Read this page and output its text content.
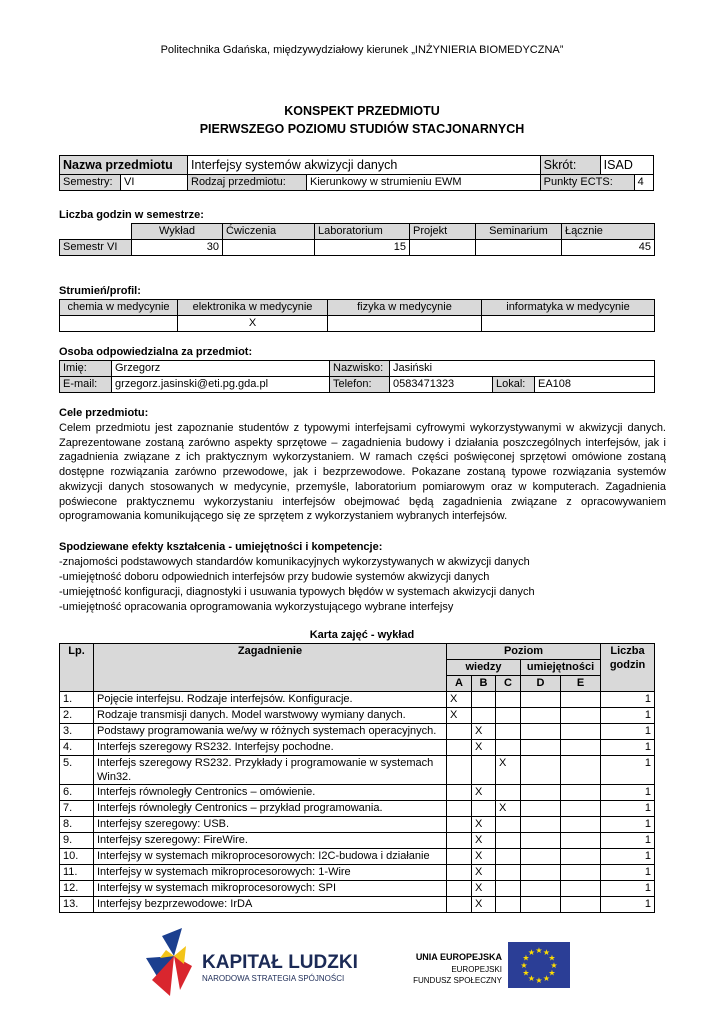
Politechnika Gdańska, międzywydziałowy kierunek „INŻYNIERIA BIOMEDYCZNA”
KONSPEKT PRZEDMIOTU
PIERWSZEGO POZIOMU STUDIÓW STACJONARNYCH
Nazwa przedmiotu		Interfejsy systemów akwizycji danych		Skrót:	ISAD	
Semestry:	VI	Rodzaj przedmiotu:	Kierunkowy w strumieniu EWM	Punkty ECTS:		4
Liczba godzin w semestrze:
	Wykład	Ćwiczenia	Laboratorium	Projekt	Seminarium	Łącznie
Semestr VI	30		15			45
Strumień/profil:
chemia w medycynie	elektronika w medycynie	fizyka w medycynie	informatyka w medycynie
	X		
Osoba odpowiedzialna za przedmiot:
Imię:	Grzegorz	Nazwisko:	Jasiński		
E-mail:	grzegorz.jasinski@eti.pg.gda.pl	Telefon:	0583471323	Lokal:	EA108
Cele przedmiotu:
Celem przedmiotu jest zapoznanie studentów z typowymi interfejsami cyfrowymi wykorzystywanymi w akwizycji danych. Zaprezentowane zostaną zarówno aspekty sprzętowe – zagadnienia budowy i działania poszczególnych interfejsów, jak i zagadnienia związane z ich praktycznym wykorzystaniem. W ramach części poświęconej sprzętowi omówione zostaną dostępne rozwiązania zarówno przewodowe, jak i bezprzewodowe. Pokazane zostaną typowe rozwiązania systemów akwizycji danych stosowanych w medycynie, przemyśle, laboratorium pomiarowym oraz w komputerach. Zagadnienia poświecone praktycznemu wykorzystaniu interfejsów obejmować będą zagadnienia związane z opracowywaniem oprogramowania komunikującego się ze sprzętem z wykorzystaniem wybranych interfejsów.
Spodziewane efekty kształcenia - umiejętności i kompetencje:
-znajomości podstawowych standardów komunikacyjnych wykorzystywanych w akwizycji danych
-umiejętność doboru odpowiednich interfejsów przy budowie systemów akwizycji danych
-umiejętność konfiguracji, diagnostyki i usuwania typowych błędów w systemach akwizycji danych
-umiejętność opracowania oprogramowania wykorzystującego wybrane interfejsy
Karta zajęć - wykład
Lp.	Zagadnienie	Poziom					Liczba godzin
		wiedzy			umiejętności		
		A	B	C	D	E	
1.	Pojęcie interfejsu. Rodzaje interfejsów. Konfiguracje.	X					1
2.	Rodzaje transmisji danych. Model warstwowy wymiany danych.	X					1
3.	Podstawy programowania we/wy w różnych systemach operacyjnych.		X				1
4.	Interfejs szeregowy RS232. Interfejsy pochodne.		X				1
5.	Interfejs szeregowy RS232. Przykłady i programowanie w systemach Win32.			X			1
6.	Interfejs równoległy Centronics – omówienie.		X				1
7.	Interfejs równoległy Centronics – przykład programowania.			X			1
8.	Interfejsy szeregowy: USB.		X				1
9.	Interfejsy szeregowy: FireWire.		X				1
10.	Interfejsy w systemach mikroprocesorowych: I2C-budowa i działanie		X				1
11.	Interfejsy w systemach mikroprocesorowych: 1-Wire		X				1
12.	Interfejsy w systemach mikroprocesorowych: SPI		X				1
13.	Interfejsy bezprzewodowe: IrDA		X				1
KAPITAŁ LUDZKI
NARODOWA STRATEGIA SPÓJNOŚCI
UNIA EUROPEJSKA
EUROPEJSKI
FUNDUSZ SPOŁECZNY
★
★
★
★
★
★
★
★
★ ★ ★
★
